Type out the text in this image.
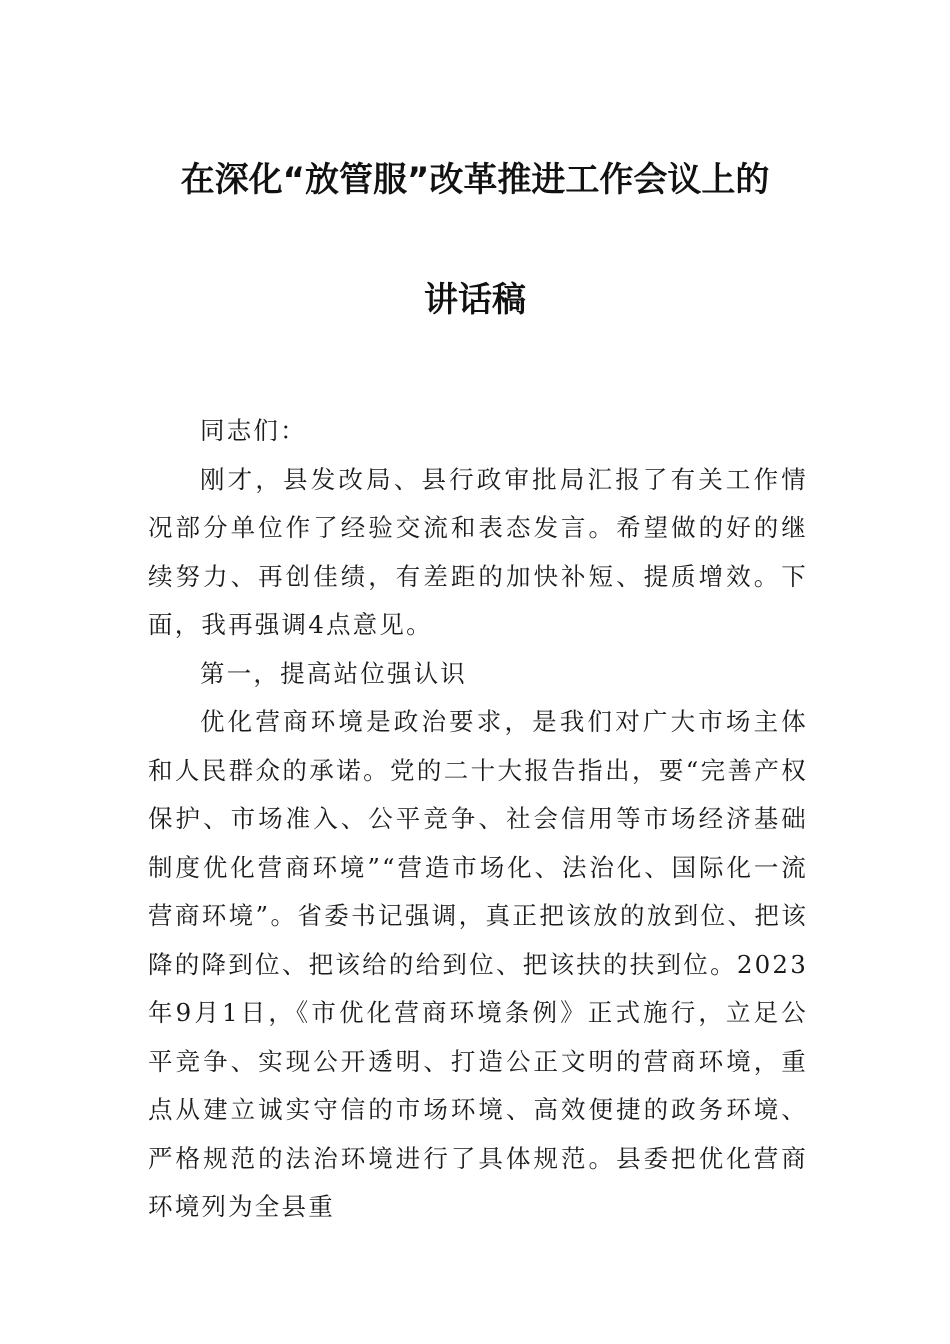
在深化“放管服”改革推进工作会议上的
讲话稿

同志们：

刚才，县发改局、县行政审批局汇报了有关工作情况部分单位作了经验交流和表态发言。希望做的好的继续努力、再创佳绩，有差距的加快补短、提质增效。下面，我再强调4点意见。

第一，提高站位强认识

优化营商环境是政治要求，是我们对广大市场主体和人民群众的承诺。党的二十大报告指出，要“完善产权保护、市场准入、公平竞争、社会信用等市场经济基础制度优化营商环境”“营造市场化、法治化、国际化一流营商环境”。省委书记强调，真正把该放的放到位、把该降的降到位、把该给的给到位、把该扶的扶到位。2023年9月1日，《市优化营商环境条例》正式施行，立足公平竞争、实现公开透明、打造公正文明的营商环境，重点从建立诚实守信的市场环境、高效便捷的政务环境、严格规范的法治环境进行了具体规范。县委把优化营商环境列为全县重
